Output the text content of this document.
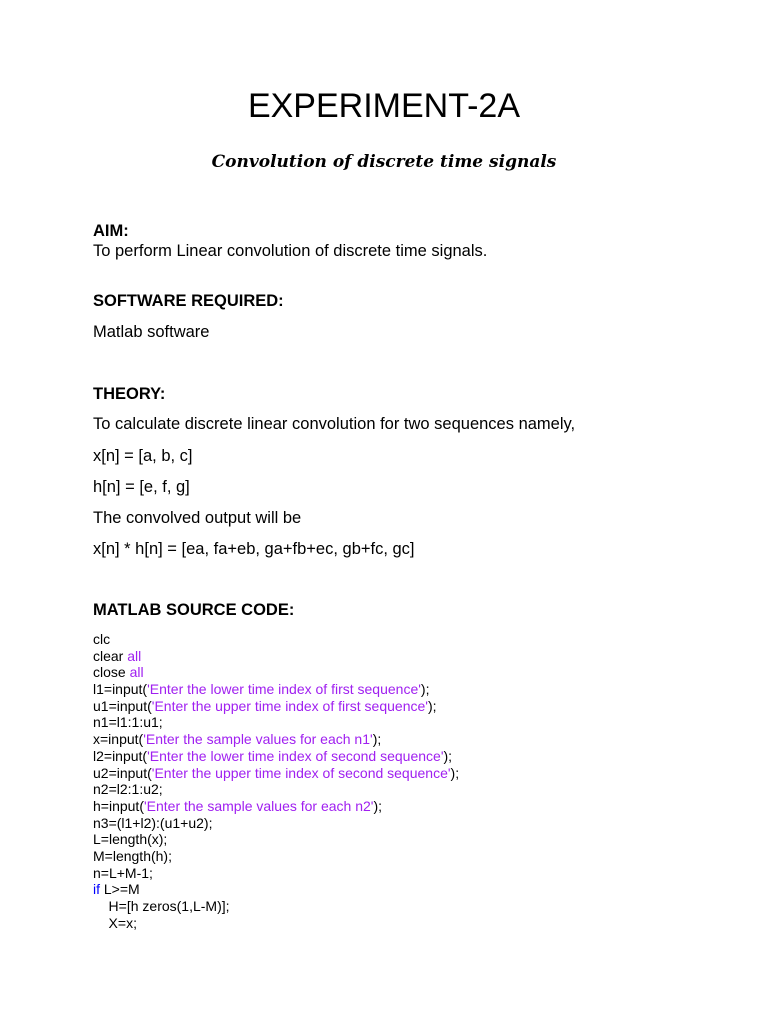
EXPERIMENT-2A
Convolution of discrete time signals
AIM:
To perform Linear convolution of discrete time signals.
SOFTWARE REQUIRED:
Matlab software
THEORY:
To calculate discrete linear convolution for two sequences namely,
x[n] = [a, b, c]
h[n] = [e, f, g]
The convolved output will be
x[n] * h[n] = [ea, fa+eb, ga+fb+ec, gb+fc, gc]
MATLAB SOURCE CODE:
clc
clear all
close all
l1=input('Enter the lower time index of first sequence');
u1=input('Enter the upper time index of first sequence');
n1=l1:1:u1;
x=input('Enter the sample values for each n1');
l2=input('Enter the lower time index of second sequence');
u2=input('Enter the upper time index of second sequence');
n2=l2:1:u2;
h=input('Enter the sample values for each n2');
n3=(l1+l2):(u1+u2);
L=length(x);
M=length(h);
n=L+M-1;
if L>=M
H=[h zeros(1,L-M)];
X=x;
